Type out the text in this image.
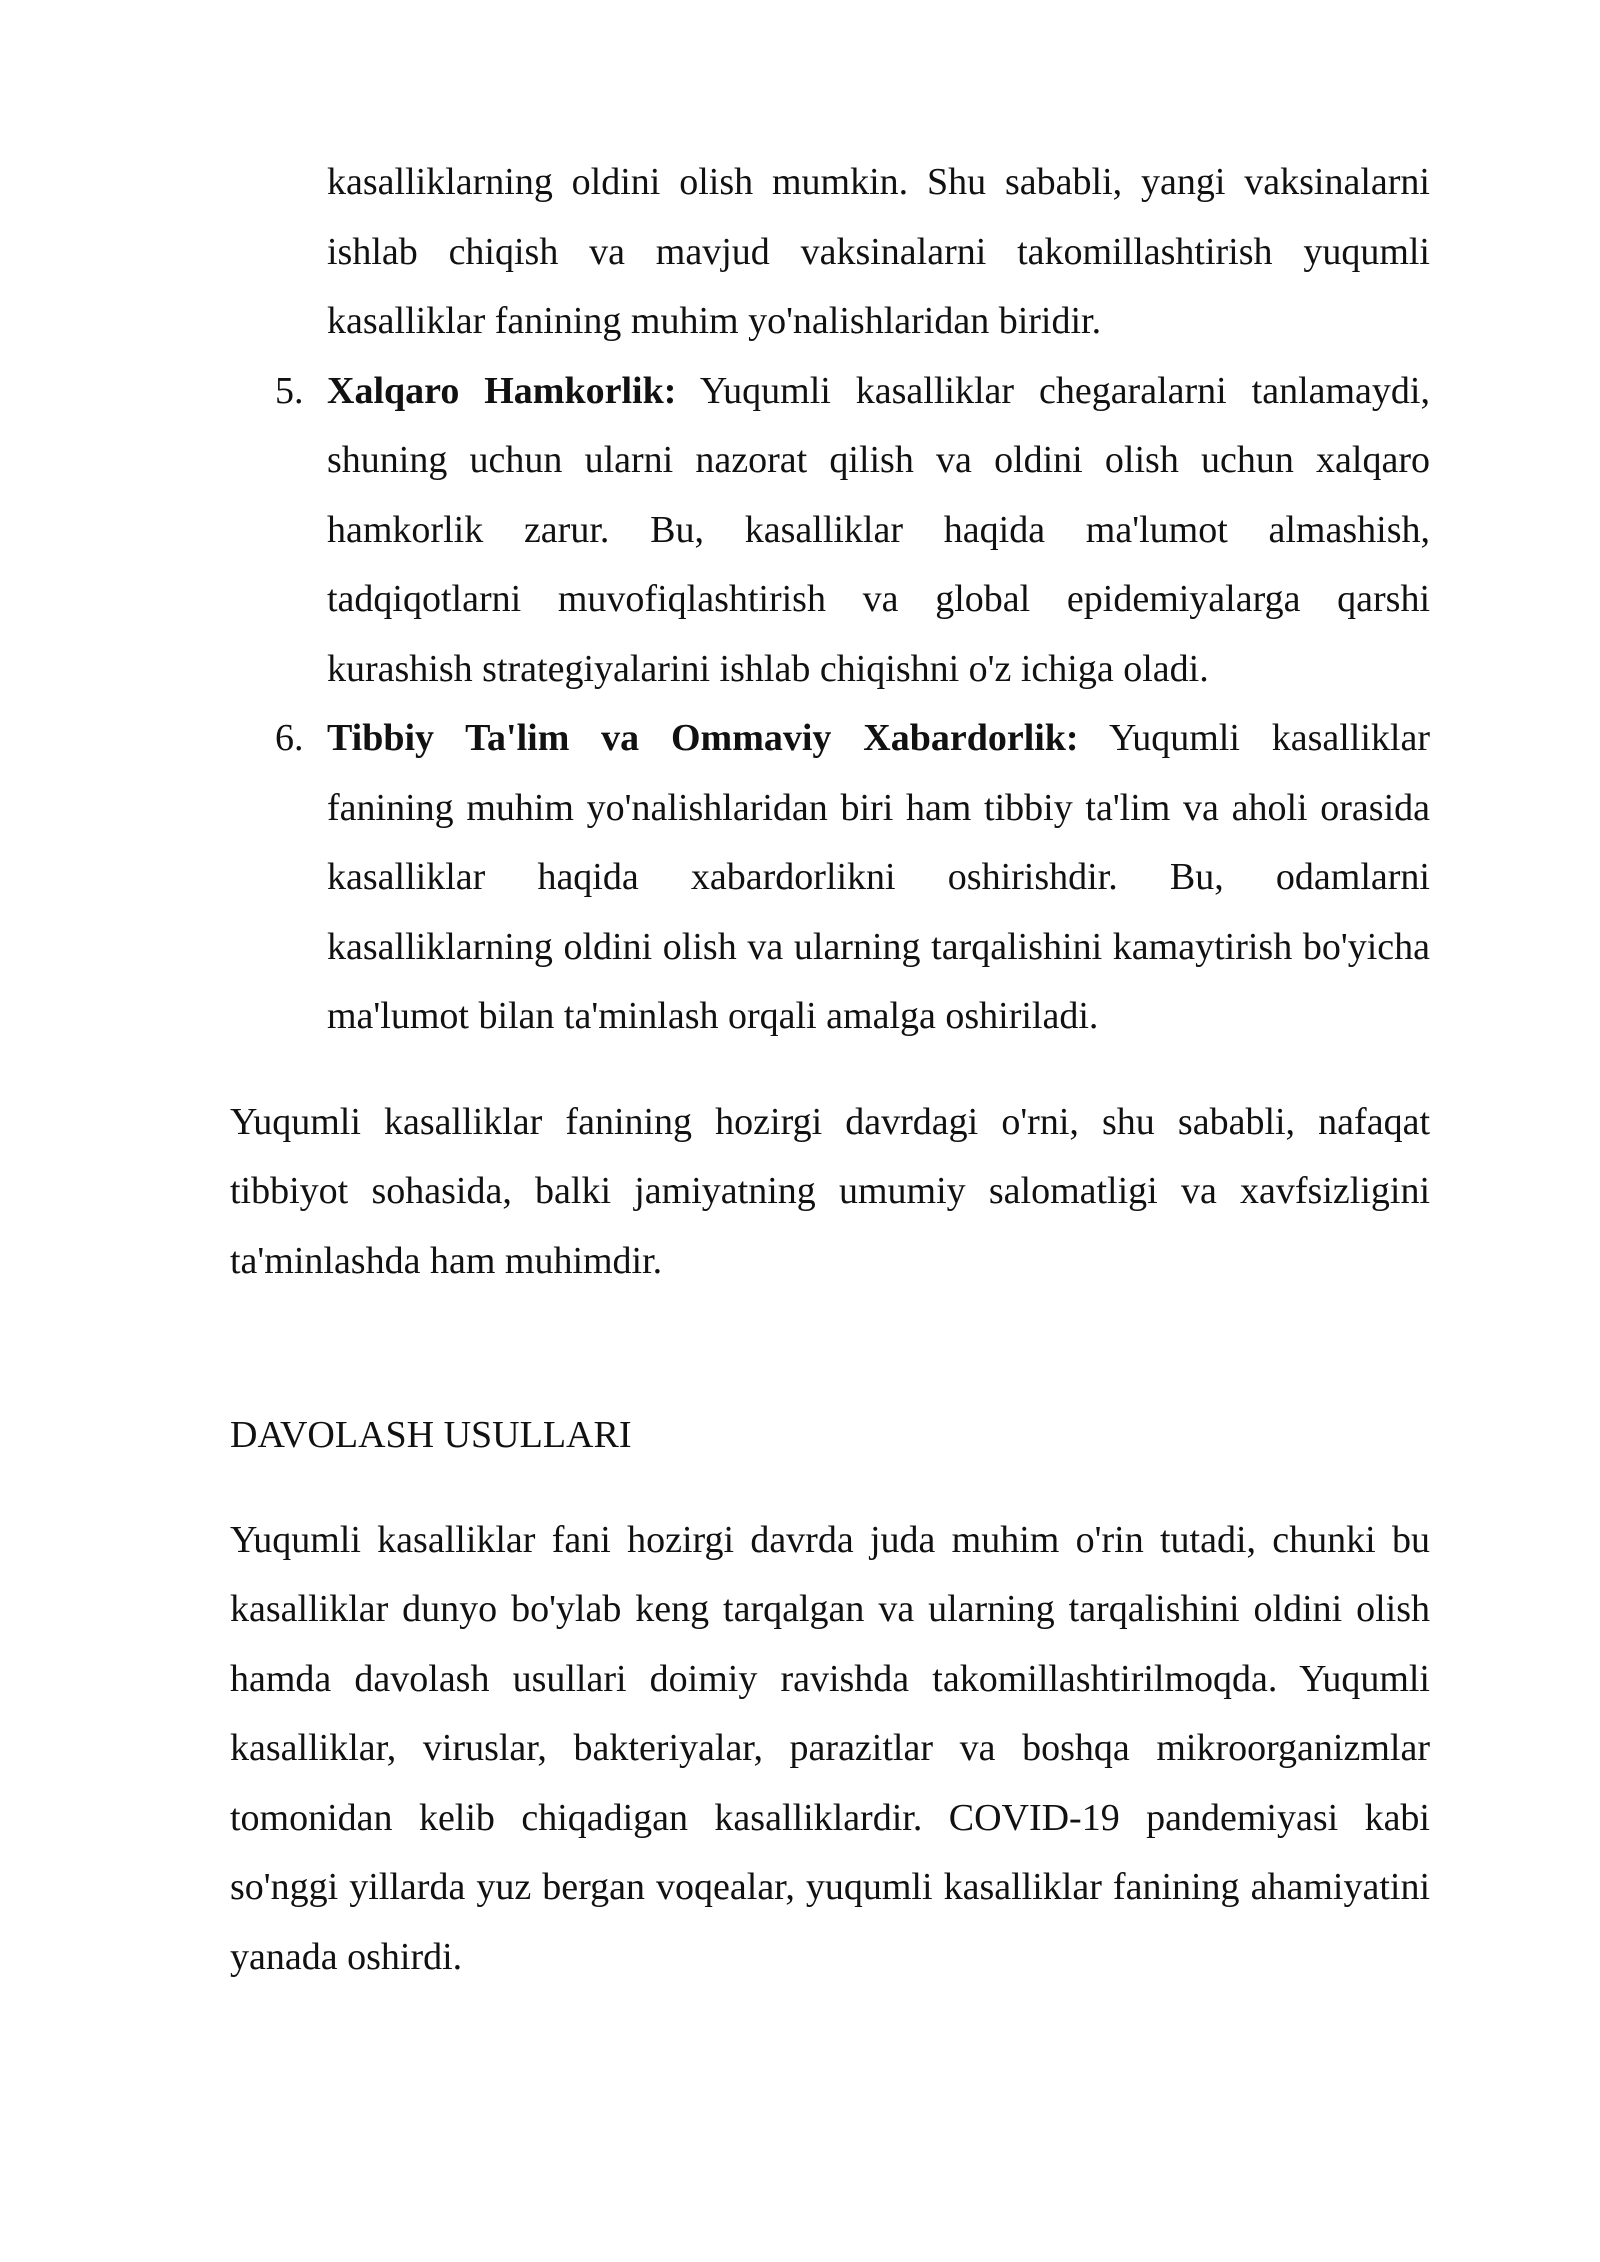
kasalliklarning oldini olish mumkin. Shu sababli, yangi vaksinalarni ishlab chiqish va mavjud vaksinalarni takomillashtirish yuqumli kasalliklar fanining muhim yo'nalishlaridan biridir.

5. Xalqaro Hamkorlik: Yuqumli kasalliklar chegaralarni tanlamaydi, shuning uchun ularni nazorat qilish va oldini olish uchun xalqaro hamkorlik zarur. Bu, kasalliklar haqida ma'lumot almashish, tadqiqotlarni muvofiqlashtirish va global epidemiyalarga qarshi kurashish strategiyalarini ishlab chiqishni o'z ichiga oladi.

6. Tibbiy Ta'lim va Ommaviy Xabardorlik: Yuqumli kasalliklar fanining muhim yo'nalishlaridan biri ham tibbiy ta'lim va aholi orasida kasalliklar haqida xabardorlikni oshirishdir. Bu, odamlarni kasalliklarning oldini olish va ularning tarqalishini kamaytirish bo'yicha ma'lumot bilan ta'minlash orqali amalga oshiriladi.

Yuqumli kasalliklar fanining hozirgi davrdagi o'rni, shu sababli, nafaqat tibbiyot sohasida, balki jamiyatning umumiy salomatligi va xavfsizligini ta'minlashda ham muhimdir.

DAVOLASH USULLARI

Yuqumli kasalliklar fani hozirgi davrda juda muhim o'rin tutadi, chunki bu kasalliklar dunyo bo'ylab keng tarqalgan va ularning tarqalishini oldini olish hamda davolash usullari doimiy ravishda takomillashtirilmoqda. Yuqumli kasalliklar, viruslar, bakteriyalar, parazitlar va boshqa mikroorganizmlar tomonidan kelib chiqadigan kasalliklardir. COVID-19 pandemiyasi kabi so'nggi yillarda yuz bergan voqealar, yuqumli kasalliklar fanining ahamiyatini yanada oshirdi.
